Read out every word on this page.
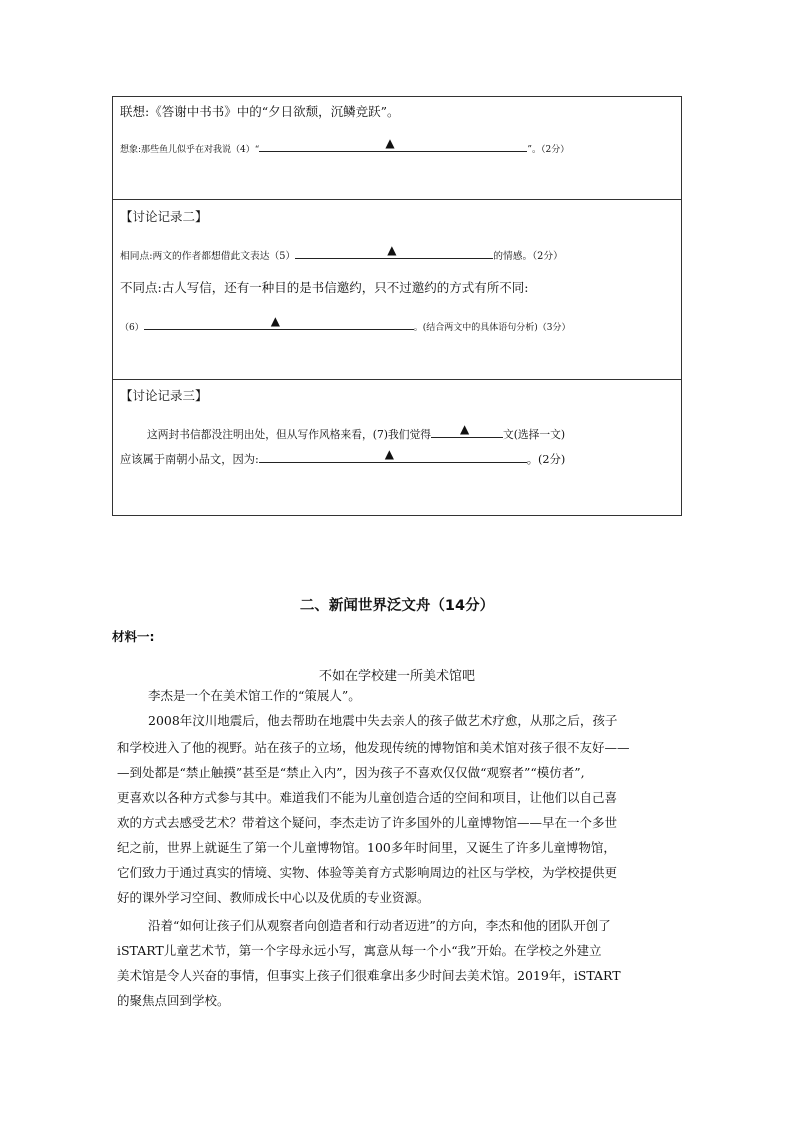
联想:《答谢中书书》中的“夕日欲颓，沉鳞竞跃”。
想象:那些鱼儿似乎在对我说（4）“	▲	”。（2分）
【讨论记录二】
相同点:两文的作者都想借此文表达（5）	▲	的情感。（2分）
不同点:古人写信，还有一种目的是书信邀约，只不过邀约的方式有所不同:
（6）	▲	。(结合两文中的具体语句分析)（3分）
【讨论记录三】
这两封书信都没注明出处，但从写作风格来看，(7)我们觉得 ▲	文(选择一文)
应该属于南朝小品文，因为:	▲	。(2分)
二、新闻世界泛文舟（14分）
材料一:
不如在学校建一所美术馆吧
李杰是一个在美术馆工作的“策展人”。
2008年汶川地震后，他去帮助在地震中失去亲人的孩子做艺术疗愈，从那之后，孩子
和学校进入了他的视野。站在孩子的立场，他发现传统的博物馆和美术馆对孩子很不友好——
—到处都是“禁止触摸”甚至是“禁止入内”，因为孩子不喜欢仅仅做“观察者”“模仿者”,
更喜欢以各种方式参与其中。难道我们不能为儿童创造合适的空间和项目，让他们以自己喜
欢的方式去感受艺术？带着这个疑问，李杰走访了许多国外的儿童博物馆——早在一个多世
纪之前，世界上就诞生了第一个儿童博物馆。100多年时间里，又诞生了许多儿童博物馆，
它们致力于通过真实的情境、实物、体验等美育方式影响周边的社区与学校，为学校提供更
好的课外学习空间、教师成长中心以及优质的专业资源。
沿着“如何让孩子们从观察者向创造者和行动者迈进”的方向，李杰和他的团队开创了
iSTART儿童艺术节，第一个字母永远小写，寓意从每一个小“我”开始。在学校之外建立
美术馆是令人兴奋的事情，但事实上孩子们很难拿出多少时间去美术馆。2019年，iSTART
的聚焦点回到学校。
